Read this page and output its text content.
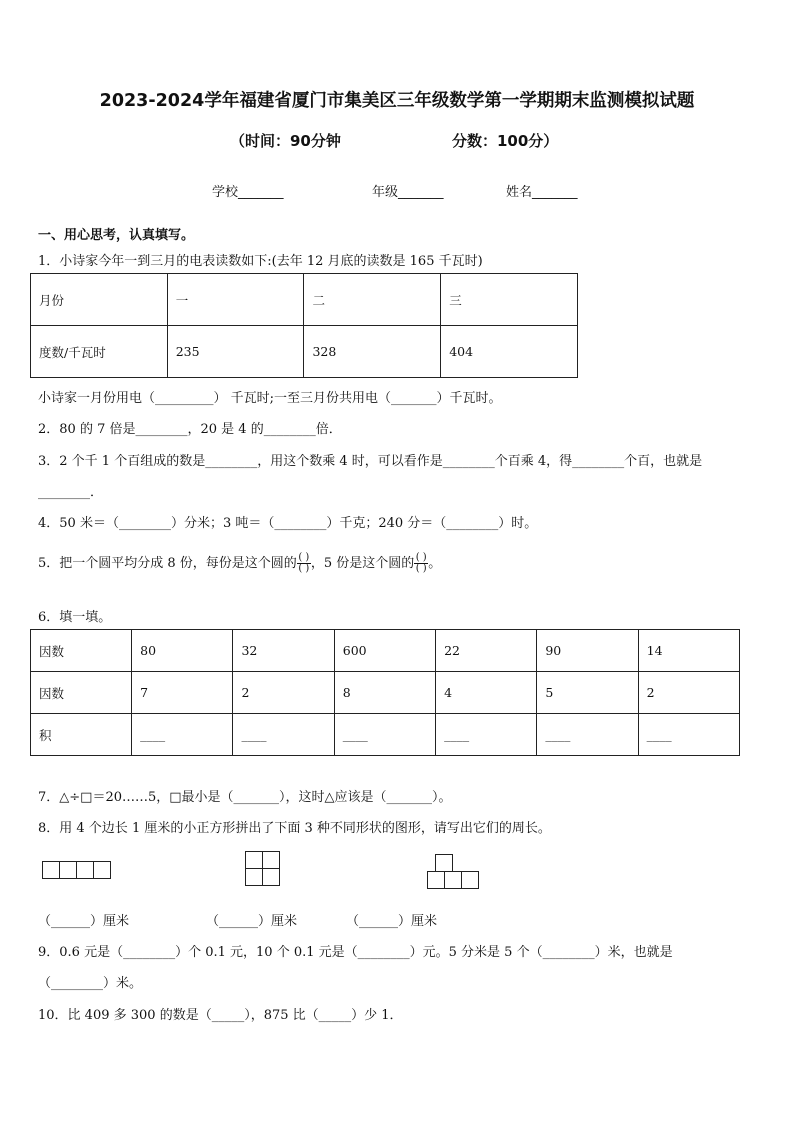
2023-2024学年福建省厦门市集美区三年级数学第一学期期末监测模拟试题
（时间：90分钟	分数：100分）
学校_______	年级_______	姓名_______
一、用心思考，认真填写。
1．小诗家今年一到三月的电表读数如下:(去年 12 月底的读数是 165 千瓦时)
月份	一	二	三
度数/千瓦时	235	328	404
小诗家一月份用电（_________） 千瓦时;一至三月份共用电（_______）千瓦时。
2．80 的 7 倍是________，20 是 4 的________倍．
3．2 个千 1 个百组成的数是________，用这个数乘 4 时，可以看作是________个百乘 4，得________个百，也就是
________．
4．50 米＝（________）分米；3 吨＝（________）千克；240 分＝（________）时。
5．把一个圆平均分成 8 份，每份是这个圆的 $\frac{( )}{( )}$ ，5 份是这个圆的 $\frac{( )}{( )}$ 。
6．填一填。
因数	80	32	600	22	90	14
因数	7	2	8	4	5	2
积	____	____	____	____	____	____
7．△÷□＝20……5，□最小是（_______），这时△应该是（_______）。
8．用 4 个边长 1 厘米的小正方形拼出了下面 3 种不同形状的图形，请写出它们的周长。
（______）厘米	（______）厘米	（______）厘米
9．0.6 元是（________）个 0.1 元，10 个 0.1 元是（________）元。5 分米是 5 个（________）米，也就是
（________）米。
10．比 409 多 300 的数是（_____），875 比（_____）少 1．
